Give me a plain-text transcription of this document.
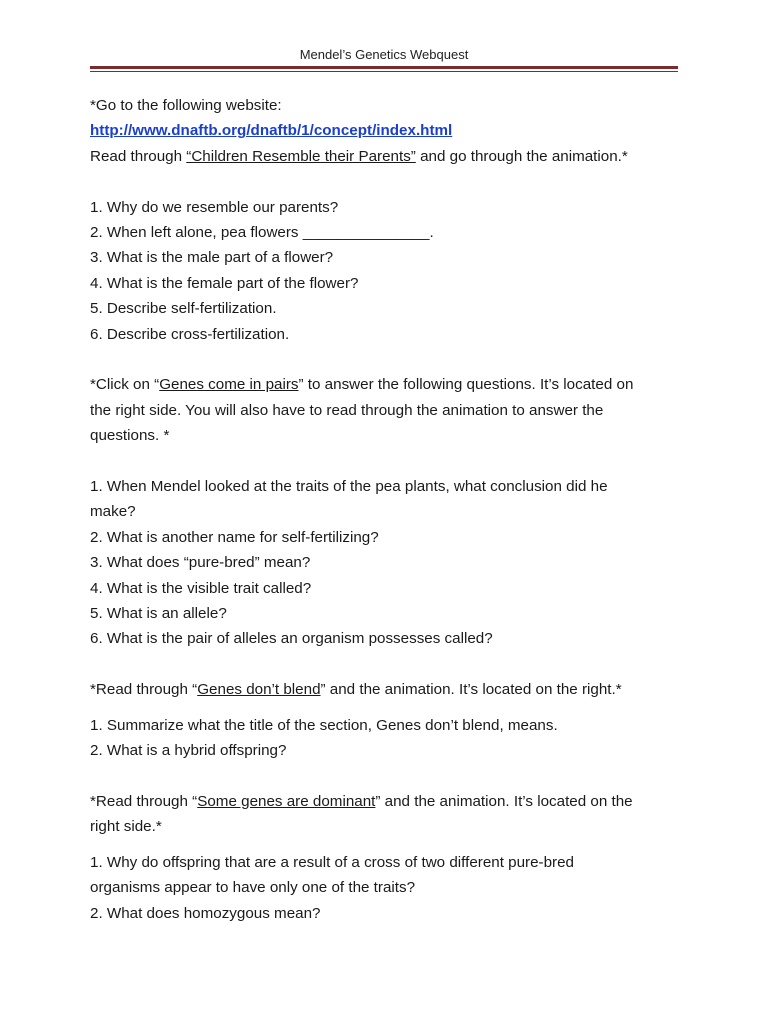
Mendel’s Genetics Webquest

*Go to the following website:

http://www.dnaftb.org/dnaftb/1/concept/index.html

Read through “Children Resemble their Parents” and go through the animation.*

1. Why do we resemble our parents?

2. When left alone, pea flowers _______________.

3. What is the male part of a flower?

4. What is the female part of the flower?

5. Describe self-fertilization.

6. Describe cross-fertilization.

*Click on “Genes come in pairs” to answer the following questions. It’s located on

the right side. You will also have to read through the animation to answer the

questions. *

1. When Mendel looked at the traits of the pea plants, what conclusion did he

make?

2. What is another name for self-fertilizing?

3. What does “pure-bred” mean?

4. What is the visible trait called?

5. What is an allele?

6. What is the pair of alleles an organism possesses called?

*Read through “Genes don’t blend” and the animation. It’s located on the right.*

1. Summarize what the title of the section, Genes don’t blend, means.

2. What is a hybrid offspring?

*Read through “Some genes are dominant” and the animation. It’s located on the

right side.*

1. Why do offspring that are a result of a cross of two different pure-bred

organisms appear to have only one of the traits?

2. What does homozygous mean?
